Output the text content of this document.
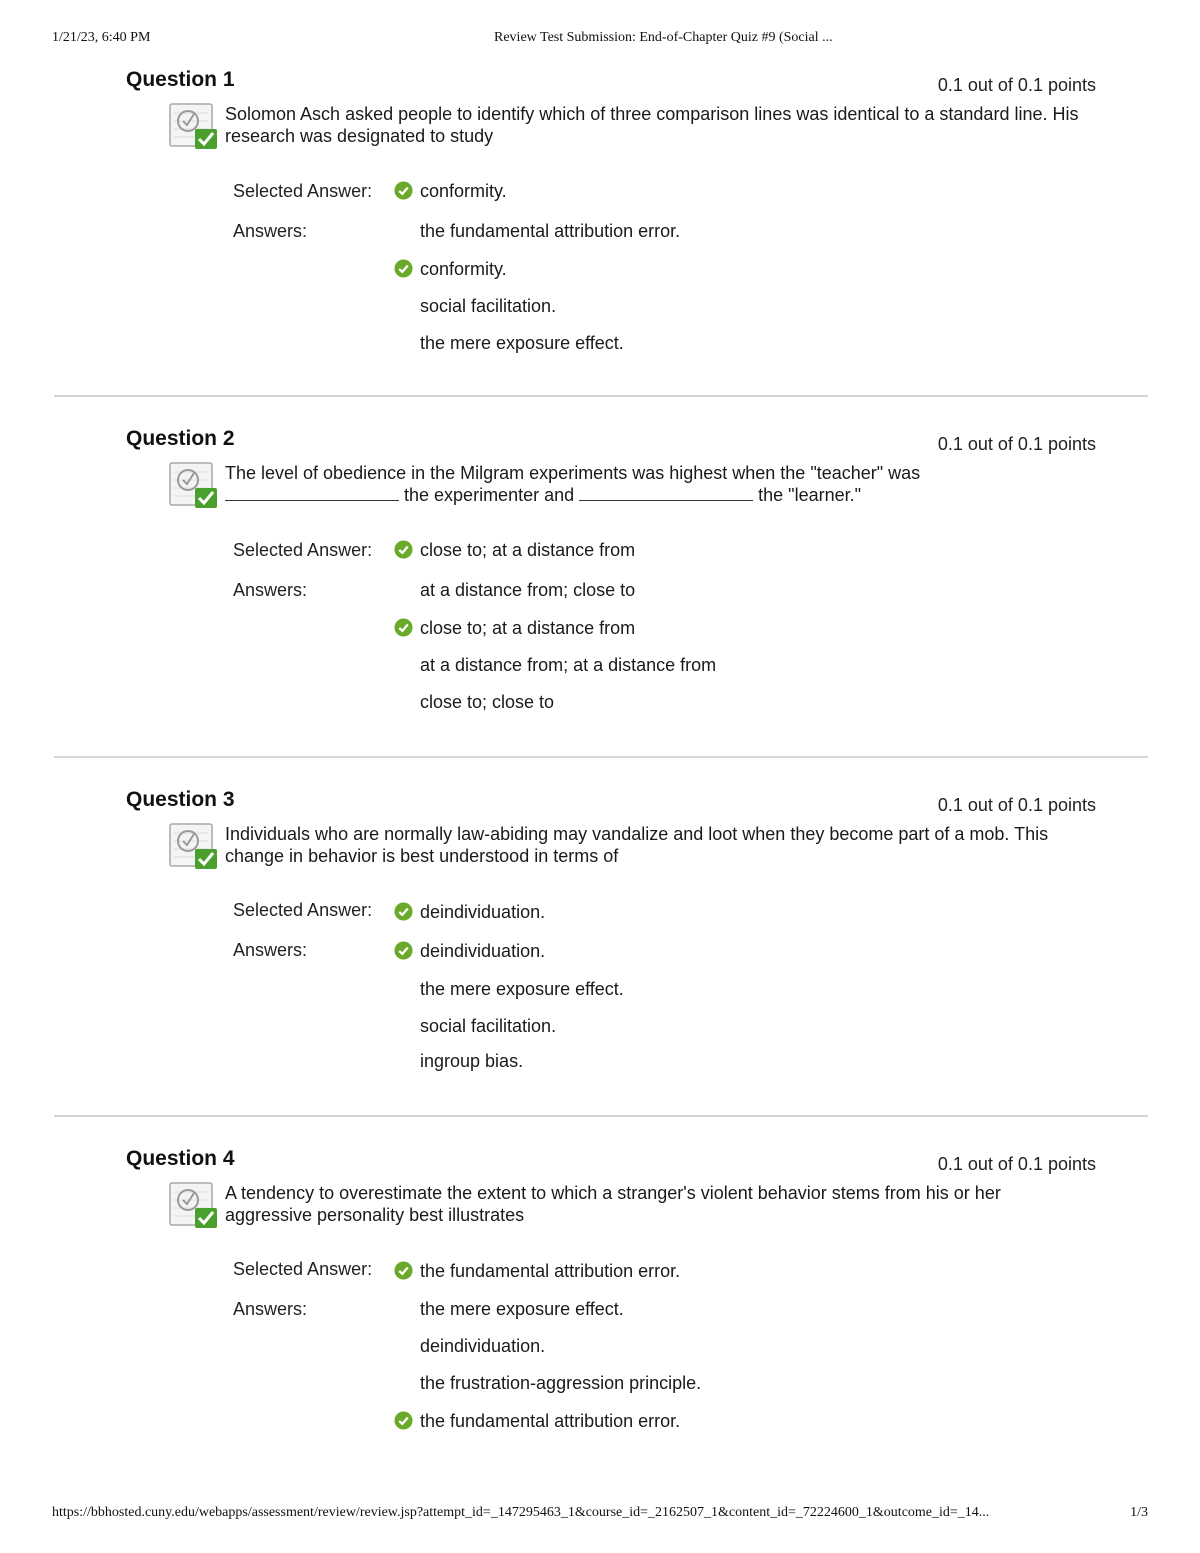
1/21/23, 6:40 PM	Review Test Submission: End-of-Chapter Quiz #9 (Social ...
Question 1	0.1 out of 0.1 points
Solomon Asch asked people to identify which of three comparison lines was identical to a standard line. His research was designated to study
Selected Answer:	conformity.
Answers:	the fundamental attribution error.
conformity.
social facilitation.
the mere exposure effect.
Question 2	0.1 out of 0.1 points
The level of obedience in the Milgram experiments was highest when the "teacher" was
the experimenter and	the "learner."
Selected Answer:	close to; at a distance from
Answers:	at a distance from; close to
close to; at a distance from
at a distance from; at a distance from
close to; close to
Question 3	0.1 out of 0.1 points
Individuals who are normally law-abiding may vandalize and loot when they become part of a mob. This change in behavior is best understood in terms of
Selected Answer:	deindividuation.
Answers:	deindividuation.
the mere exposure effect.
social facilitation.
ingroup bias.
Question 4	0.1 out of 0.1 points
A tendency to overestimate the extent to which a stranger's violent behavior stems from his or her aggressive personality best illustrates
Selected Answer:	the fundamental attribution error.
Answers:	the mere exposure effect.
deindividuation.
the frustration-aggression principle.
the fundamental attribution error.
https://bbhosted.cuny.edu/webapps/assessment/review/review.jsp?attempt_id=_147295463_1&course_id=_2162507_1&content_id=_72224600_1&outcome_id=_14...	1/3
